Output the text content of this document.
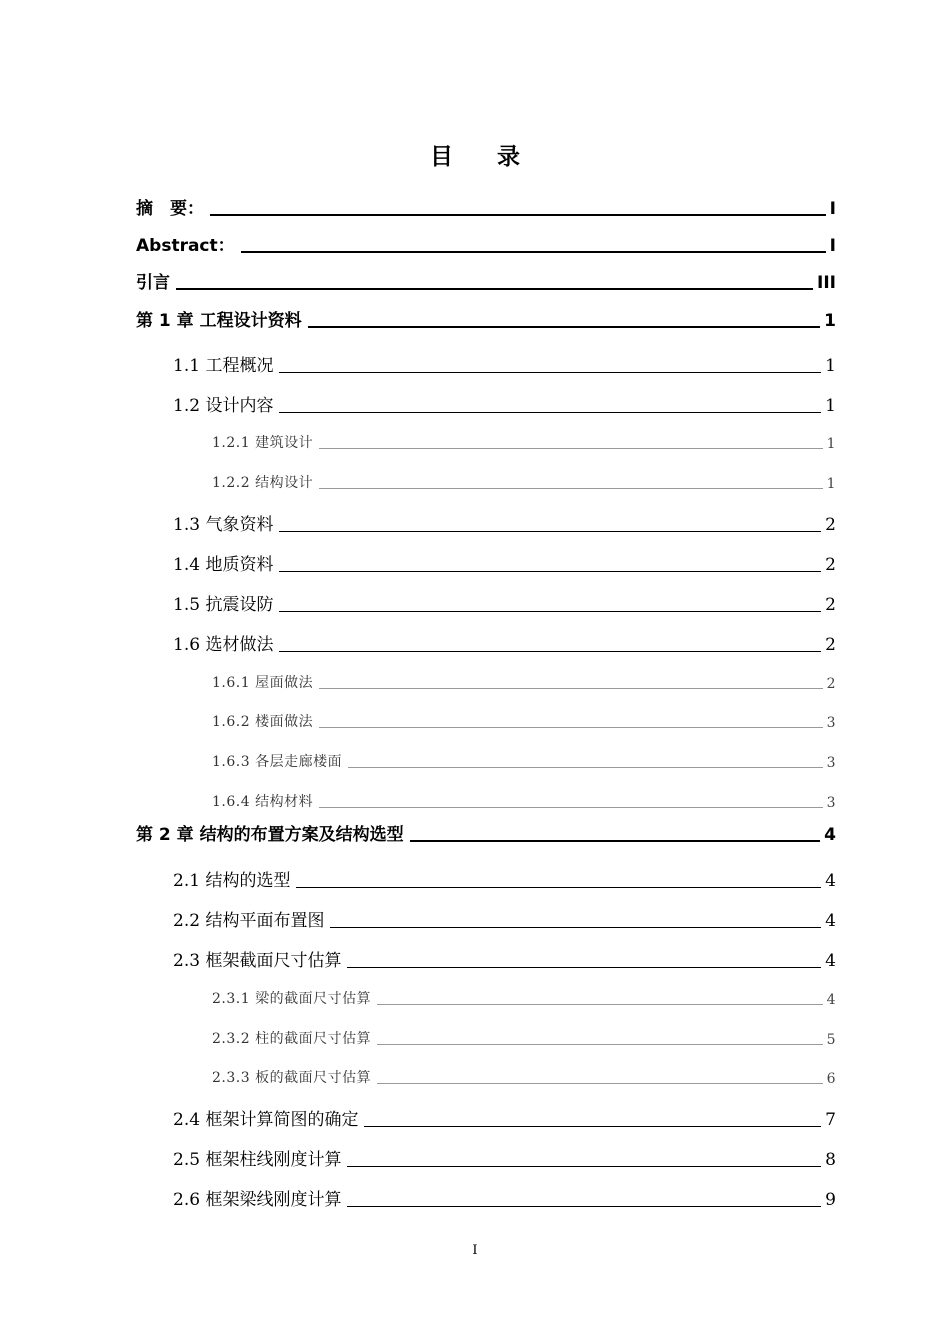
目 录
摘　要：	I
Abstract：	I
引言	III
第 1 章 工程设计资料	1
1.1 工程概况	1
1.2 设计内容	1
1.2.1 建筑设计	1
1.2.2 结构设计	1
1.3 气象资料	2
1.4 地质资料	2
1.5 抗震设防	2
1.6 选材做法	2
1.6.1 屋面做法	2
1.6.2 楼面做法	3
1.6.3 各层走廊楼面	3
1.6.4 结构材料	3
第 2 章 结构的布置方案及结构选型	4
2.1 结构的选型	4
2.2 结构平面布置图	4
2.3 框架截面尺寸估算	4
2.3.1 梁的截面尺寸估算	4
2.3.2 柱的截面尺寸估算	5
2.3.3 板的截面尺寸估算	6
2.4 框架计算简图的确定	7
2.5 框架柱线刚度计算	8
2.6 框架梁线刚度计算	9
I
